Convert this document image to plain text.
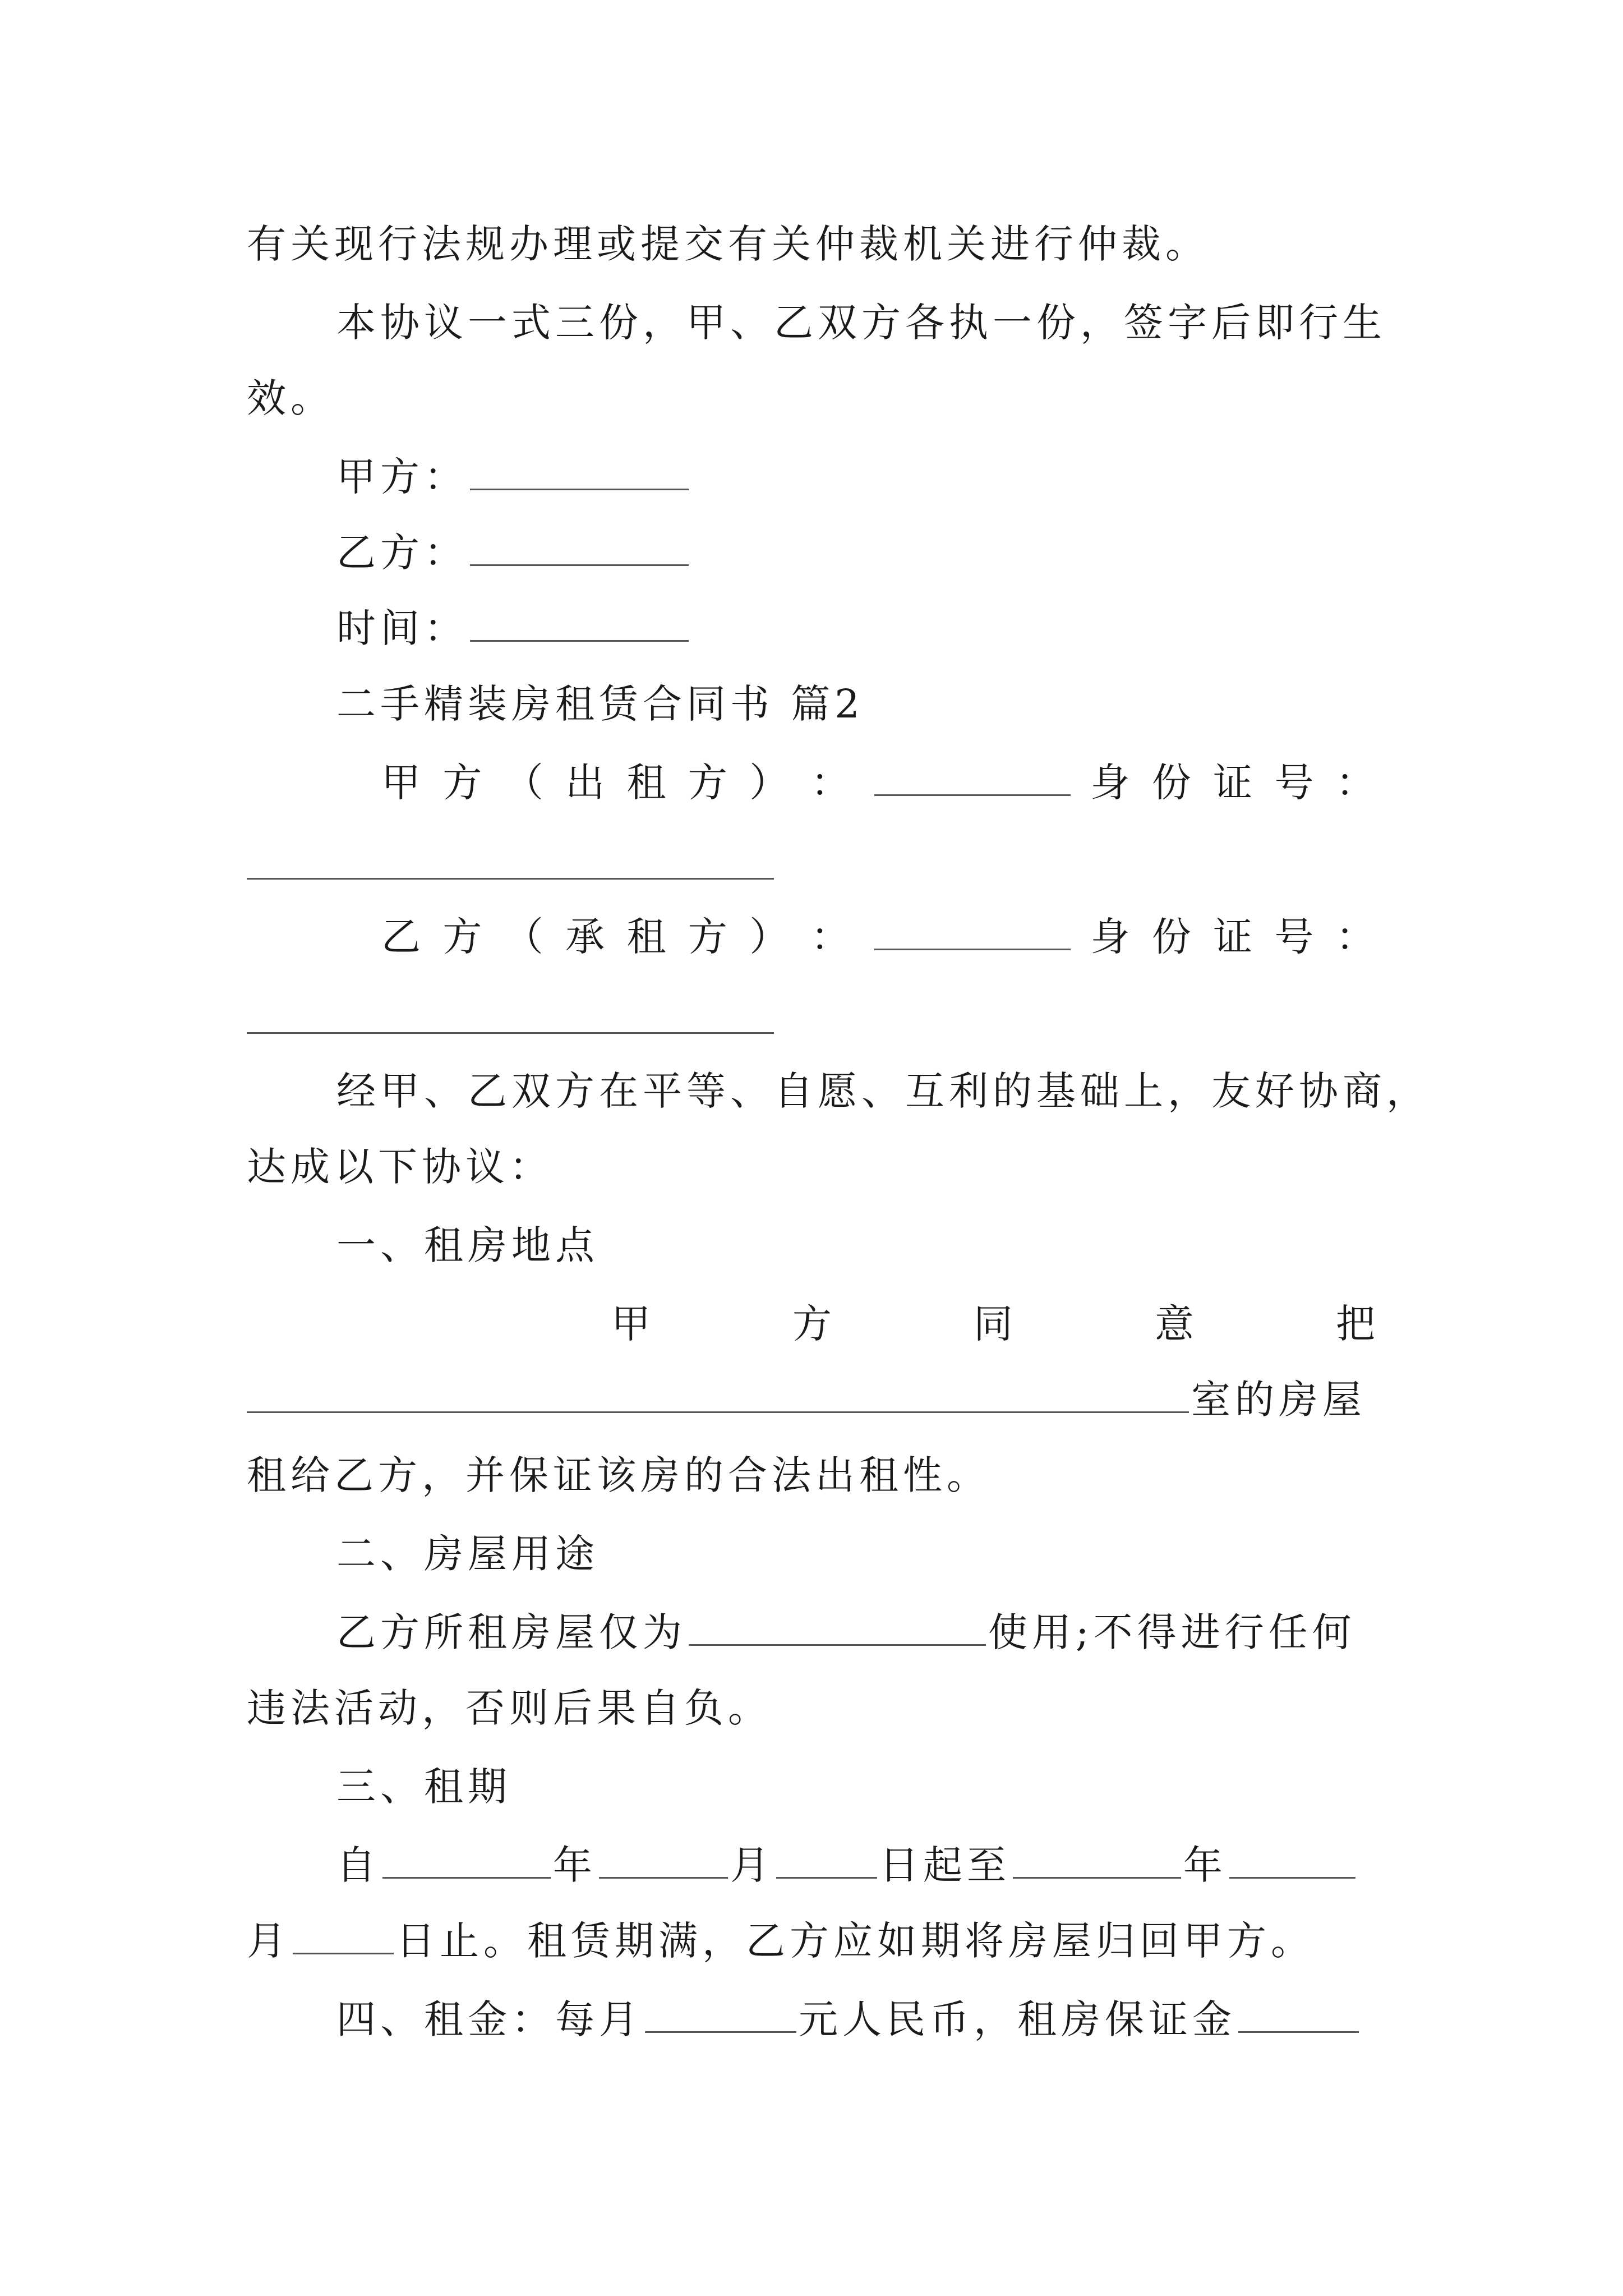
有关现行法规办理或提交有关仲裁机关进行仲裁。
本协议一式三份，甲、乙双方各执一份，签字后即行生
效。
甲方：
乙方：
时间：
二手精装房租赁合同书 篇2
甲 方 （ 出 租 方 ） ：	身 份 证 号 ：
乙 方 （ 承 租 方 ） ：	身 份 证 号 ：
经甲、乙双方在平等、自愿、互利的基础上，友好协商，
达成以下协议：
一、租房地点
甲	方	同	意	把
室的房屋
租给乙方，并保证该房的合法出租性。
二、房屋用途
乙方所租房屋仅为	使用;不得进行任何
违法活动，否则后果自负。
三、租期
自	年	月	日起至	年
月	日止。租赁期满，乙方应如期将房屋归回甲方。
四、租金：每月	元人民币，租房保证金
